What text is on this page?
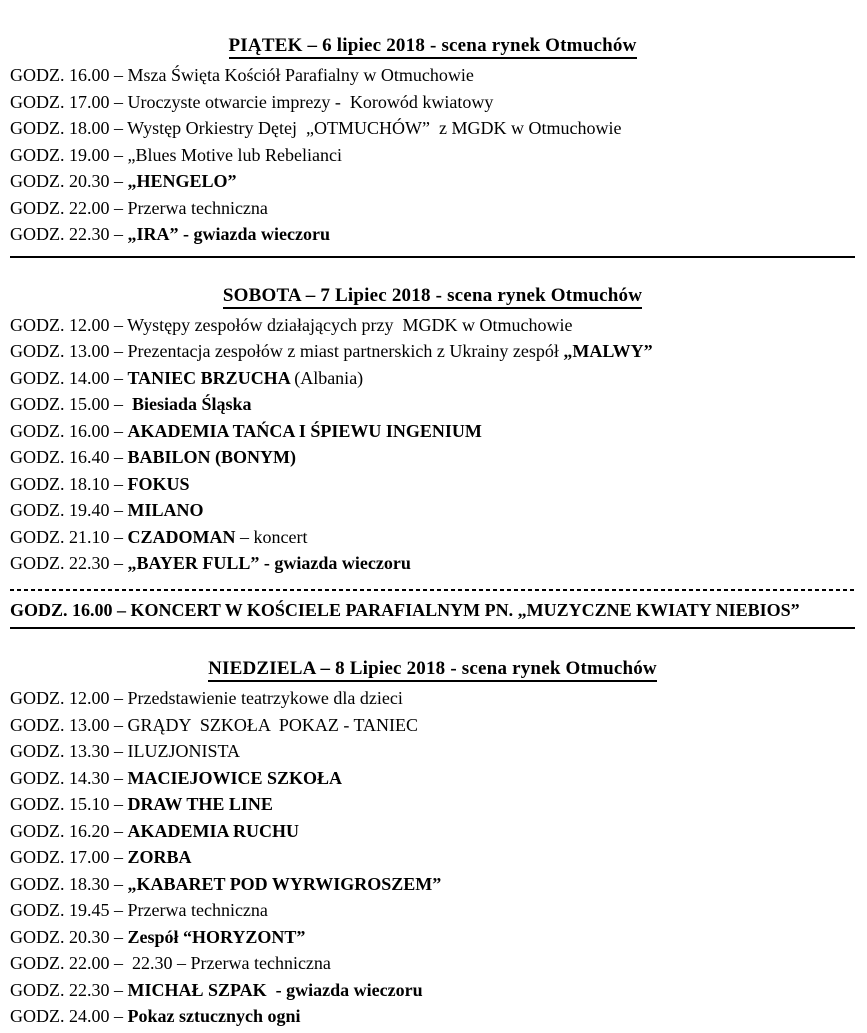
PIĄTEK – 6 lipiec 2018 - scena rynek Otmuchów

GODZ. 16.00 – Msza Święta Kościół Parafialny w Otmuchowie

GODZ. 17.00 – Uroczyste otwarcie imprezy -  Korowód kwiatowy

GODZ. 18.00 – Występ Orkiestry Dętej  „OTMUCHÓW”  z MGDK w Otmuchowie

GODZ. 19.00 – „Blues Motive lub Rebelianci

GODZ. 20.30 – „HENGELO”

GODZ. 22.00 – Przerwa techniczna

GODZ. 22.30 – „IRA” - gwiazda wieczoru

SOBOTA – 7 Lipiec 2018 - scena rynek Otmuchów

GODZ. 12.00 – Występy zespołów działających przy  MGDK w Otmuchowie

GODZ. 13.00 – Prezentacja zespołów z miast partnerskich z Ukrainy zespół „MALWY”

GODZ. 14.00 – TANIEC BRZUCHA (Albania)

GODZ. 15.00 –  Biesiada Śląska

GODZ. 16.00 – AKADEMIA TAŃCA I ŚPIEWU INGENIUM

GODZ. 16.40 – BABILON (BONYM)

GODZ. 18.10 – FOKUS

GODZ. 19.40 – MILANO

GODZ. 21.10 – CZADOMAN – koncert

GODZ. 22.30 – „BAYER FULL” - gwiazda wieczoru

GODZ. 16.00 – KONCERT W KOŚCIELE PARAFIALNYM PN. „MUZYCZNE KWIATY NIEBIOS”

NIEDZIELA – 8 Lipiec 2018 - scena rynek Otmuchów

GODZ. 12.00 – Przedstawienie teatrzykowe dla dzieci

GODZ. 13.00 – GRĄDY  SZKOŁA  POKAZ - TANIEC

GODZ. 13.30 – ILUZJONISTA

GODZ. 14.30 – MACIEJOWICE SZKOŁA

GODZ. 15.10 – DRAW THE LINE

GODZ. 16.20 – AKADEMIA RUCHU

GODZ. 17.00 – ZORBA

GODZ. 18.30 – „KABARET POD WYRWIGROSZEM”

GODZ. 19.45 – Przerwa techniczna

GODZ. 20.30 – Zespół “HORYZONT”

GODZ. 22.00 –  22.30 – Przerwa techniczna

GODZ. 22.30 – MICHAŁ SZPAK  - gwiazda wieczoru

GODZ. 24.00 – Pokaz sztucznych ogni
